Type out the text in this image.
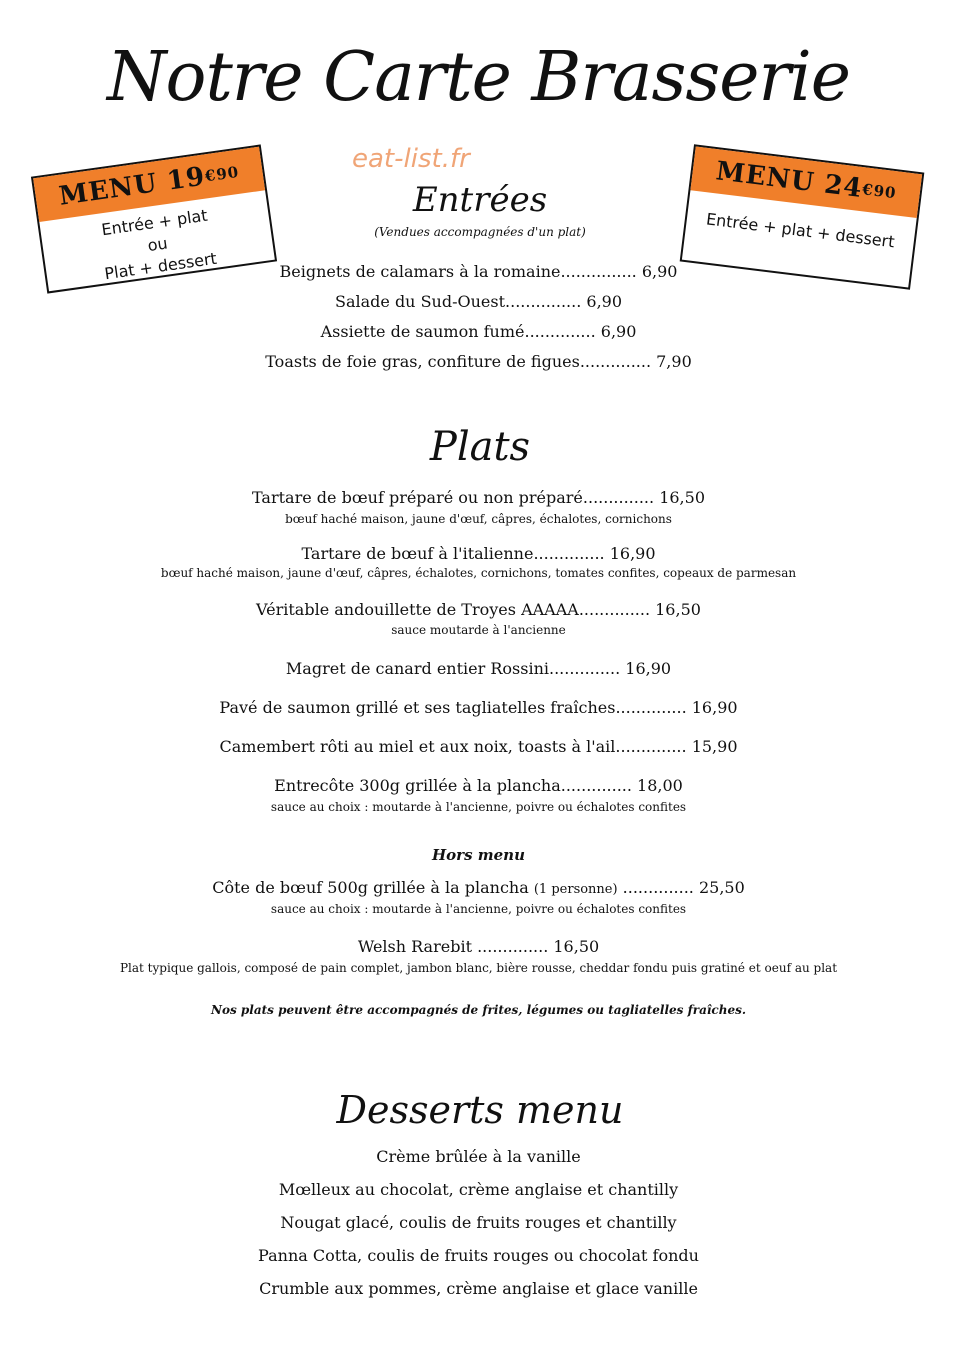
Notre Carte Brasserie
eat-list.fr
MENU 19
€90
Entrée + plat
ou
Plat + dessert
MENU 24
€90
Entrée + plat + dessert
Entrées
(Vendues accompagnées d'un plat)
Beignets de calamars à la romaine............... 6,90
Salade du Sud-Ouest............... 6,90
Assiette de saumon fumé.............. 6,90
Toasts de foie gras, confiture de figues.............. 7,90
Plats
Tartare de bœuf préparé ou non préparé.............. 16,50
bœuf haché maison, jaune d'œuf, câpres, échalotes, cornichons
Tartare de bœuf à l'italienne.............. 16,90
bœuf haché maison, jaune d'œuf, câpres, échalotes, cornichons, tomates confites, copeaux de parmesan
Véritable andouillette de Troyes AAAAA.............. 16,50
sauce moutarde à l'ancienne
Magret de canard entier Rossini.............. 16,90
Pavé de saumon grillé et ses tagliatelles fraîches.............. 16,90
Camembert rôti au miel et aux noix, toasts à l'ail.............. 15,90
Entrecôte 300g grillée à la plancha.............. 18,00
sauce au choix : moutarde à l'ancienne, poivre ou échalotes confites
Hors menu
Côte de bœuf 500g grillée à la plancha (1 personne) .............. 25,50
sauce au choix : moutarde à l'ancienne, poivre ou échalotes confites
Welsh Rarebit .............. 16,50
Plat typique gallois, composé de pain complet, jambon blanc, bière rousse, cheddar fondu puis gratiné et oeuf au plat
Nos plats peuvent être accompagnés de frites, légumes ou tagliatelles fraîches.
Desserts menu
Crème brûlée à la vanille
Mœlleux au chocolat, crème anglaise et chantilly
Nougat glacé, coulis de fruits rouges et chantilly
Panna Cotta, coulis de fruits rouges ou chocolat fondu
Crumble aux pommes, crème anglaise et glace vanille
